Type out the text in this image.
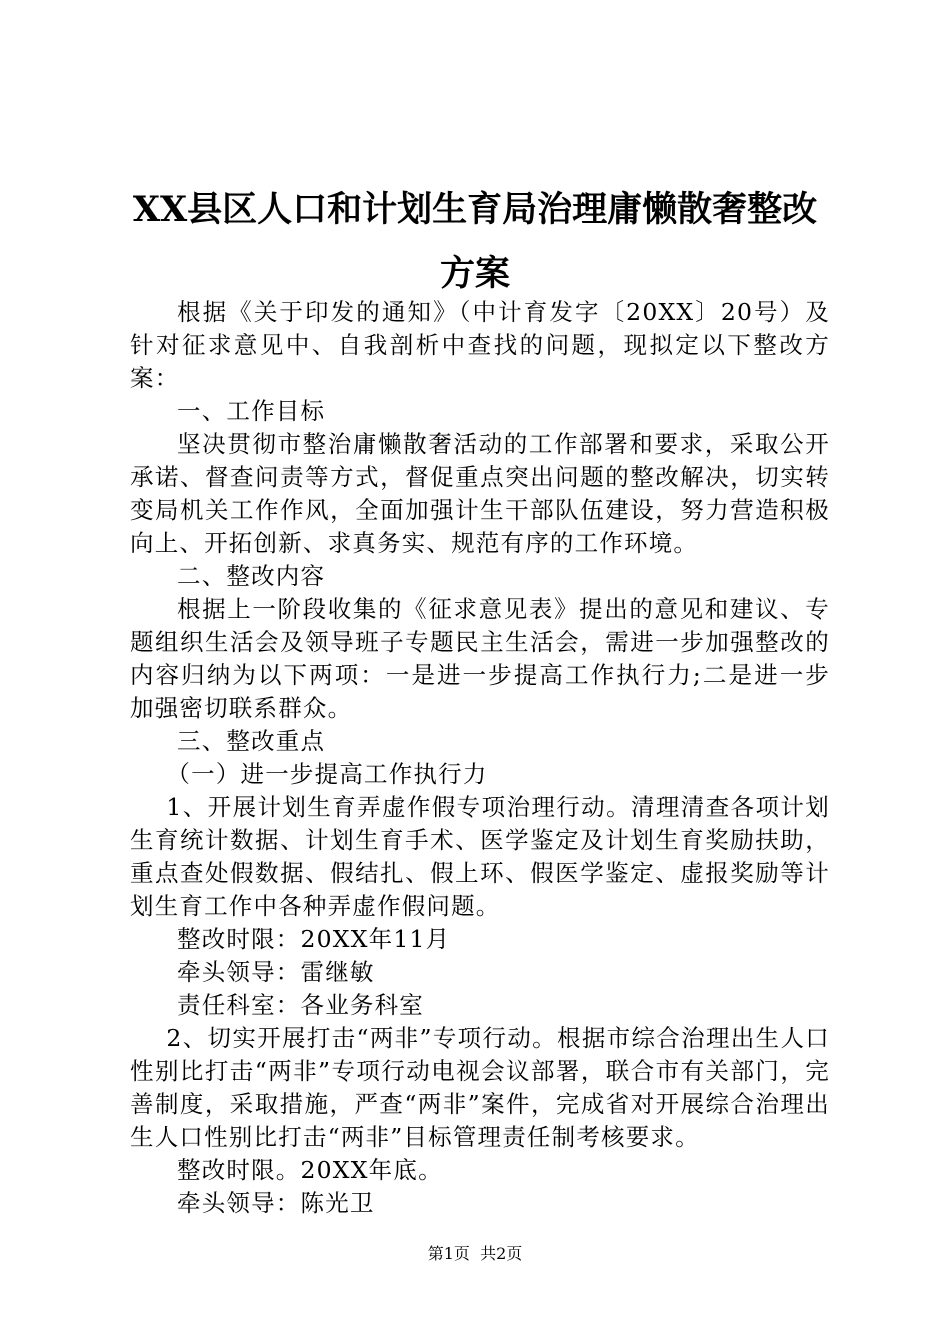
XX县区人口和计划生育局治理庸懒散奢整改方案

根据《关于印发的通知》（中计育发字〔20XX〕20号）及针对征求意见中、自我剖析中查找的问题，现拟定以下整改方案：

一、工作目标

坚决贯彻市整治庸懒散奢活动的工作部署和要求，采取公开承诺、督查问责等方式，督促重点突出问题的整改解决，切实转变局机关工作作风，全面加强计生干部队伍建设，努力营造积极向上、开拓创新、求真务实、规范有序的工作环境。

二、整改内容

根据上一阶段收集的《征求意见表》提出的意见和建议、专题组织生活会及领导班子专题民主生活会，需进一步加强整改的内容归纳为以下两项：一是进一步提高工作执行力;二是进一步加强密切联系群众。

三、整改重点

（一）进一步提高工作执行力

1、开展计划生育弄虚作假专项治理行动。清理清查各项计划生育统计数据、计划生育手术、医学鉴定及计划生育奖励扶助，重点查处假数据、假结扎、假上环、假医学鉴定、虚报奖励等计划生育工作中各种弄虚作假问题。

整改时限：20XX年11月

牵头领导：雷继敏

责任科室：各业务科室

2、切实开展打击“两非”专项行动。根据市综合治理出生人口性别比打击“两非”专项行动电视会议部署，联合市有关部门，完善制度，采取措施，严查“两非”案件，完成省对开展综合治理出生人口性别比打击“两非”目标管理责任制考核要求。

整改时限。20XX年底。

牵头领导：陈光卫

第1页 共2页
